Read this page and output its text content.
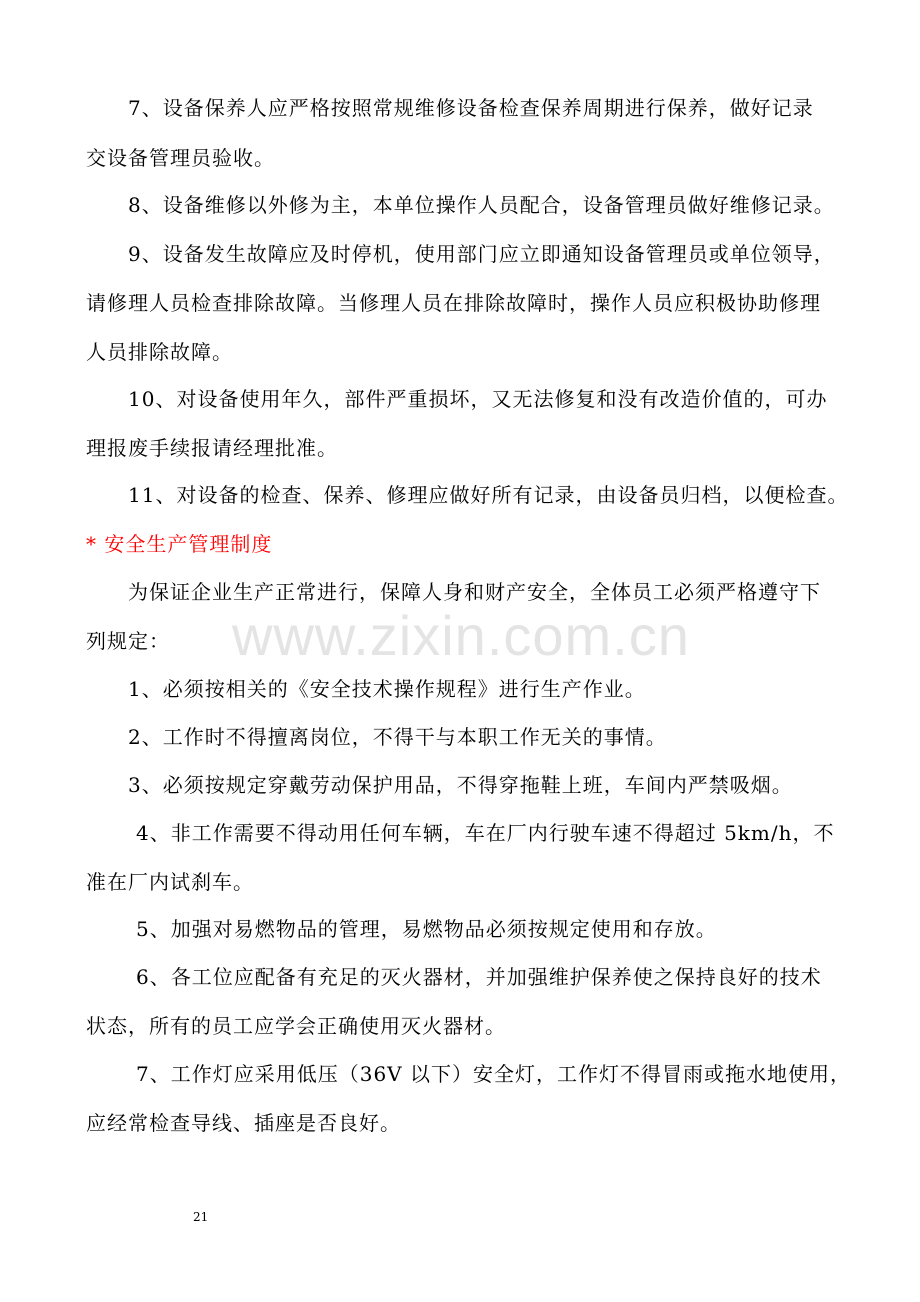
www.zixin.com.cn
7、设备保养人应严格按照常规维修设备检查保养周期进行保养，做好记录
交设备管理员验收。
8、设备维修以外修为主，本单位操作人员配合，设备管理员做好维修记录。
9、设备发生故障应及时停机，使用部门应立即通知设备管理员或单位领导，
请修理人员检查排除故障。当修理人员在排除故障时，操作人员应积极协助修理
人员排除故障。
10、对设备使用年久，部件严重损坏，又无法修复和没有改造价值的，可办
理报废手续报请经理批准。
11、对设备的检查、保养、修理应做好所有记录，由设备员归档，以便检查。
* 安全生产管理制度
为保证企业生产正常进行，保障人身和财产安全，全体员工必须严格遵守下
列规定：
1、必须按相关的《安全技术操作规程》进行生产作业。
2、工作时不得擅离岗位，不得干与本职工作无关的事情。
3、必须按规定穿戴劳动保护用品，不得穿拖鞋上班，车间内严禁吸烟。
4、非工作需要不得动用任何车辆，车在厂内行驶车速不得超过 5km/h，不
准在厂内试刹车。
5、加强对易燃物品的管理，易燃物品必须按规定使用和存放。
6、各工位应配备有充足的灭火器材，并加强维护保养使之保持良好的技术
状态，所有的员工应学会正确使用灭火器材。
7、工作灯应采用低压（36V 以下）安全灯，工作灯不得冒雨或拖水地使用，
应经常检查导线、插座是否良好。
21
